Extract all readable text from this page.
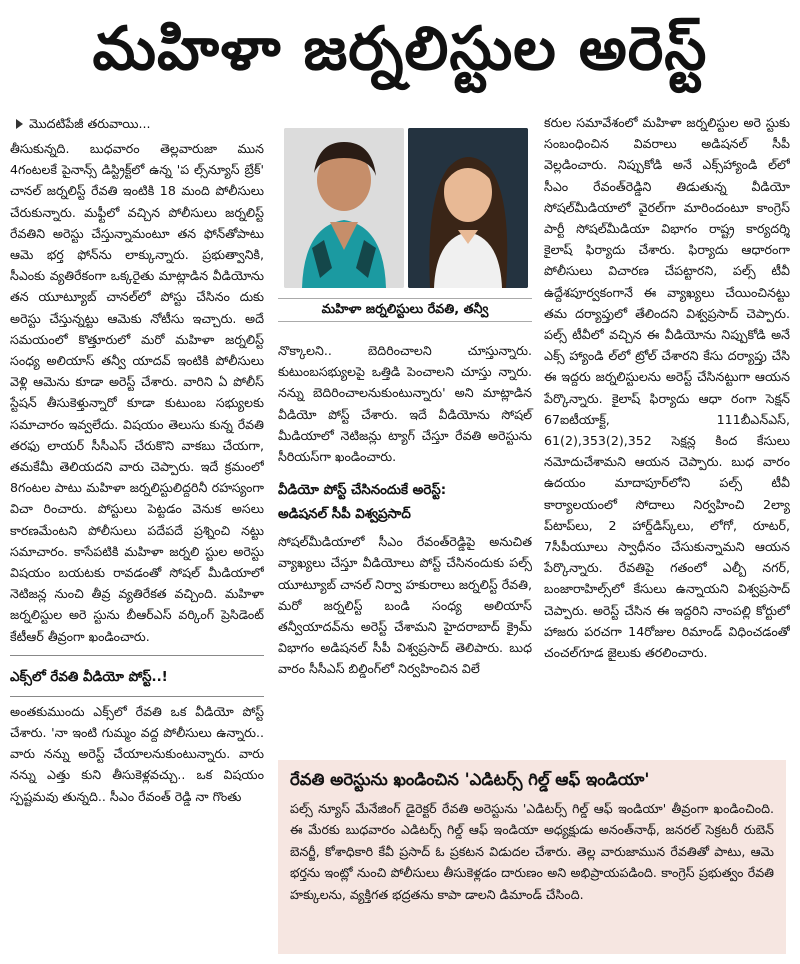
మహిళా జర్నలిస్టుల అరెస్ట్
మొదటిపేజీ తరువాయి...

తీసుకున్నది. బుధవారం తెల్లవారుజా మున 4గంటలకే పైనాన్స్ డిస్ట్రిక్ట్‌లో ఉన్న 'ప ల్స్‌న్యూస్ బ్రేక్' చానల్ జర్నలిస్ట్ రేవతి ఇంటికి 18 మంది పోలీసులు చేరుకున్నారు. మఫ్టీలో వచ్చిన పోలీసులు జర్నలిస్ట్ రేవతిని అరెస్టు చేస్తున్నామంటూ తన ఫోన్‌తోపాటు ఆమె భర్త ఫోన్‌ను లాక్కున్నారు. ప్రభుత్వానికి, సీఎంకు వ్యతిరేకంగా ఒక్కరైతు మాట్లాడిన వీడియోను తన యూట్యూబ్ చానల్‌లో పోస్టు చేసినం దుకు అరెస్టు చేస్తున్నట్టు ఆమెకు నోటీసు ఇచ్చారు. అదే సమయంలో కొత్తూరులో మరో మహిళా జర్నలిస్ట్ సంధ్య అలియాస్ తన్వీ యాదవ్ ఇంటికి పోలీసులు వెళ్లి ఆమెను కూడా అరెస్ట్ చేశారు. వారిని ఏ పోలీస్ స్టేషన్ తీసుకెళ్తున్నారో కూడా కుటుంబ సభ్యులకు సమాచారం ఇవ్వలేదు. విషయం తెలుసు కున్న రేవతి తరఫు లాయర్ సీసీఎస్ చేరుకొని వాకబు చేయగా, తమకేమీ తెలియదని వారు చెప్పారు. ఇదే క్రమంలో 8గంటల పాటు మహిళా జర్నలిస్టులిద్దరినీ రహస్యంగా విచా రించారు. పోస్టులు పెట్టడం వెనుక అసలు కారణమేంటని పోలీసులు పదేపదే ప్రశ్నించి నట్టు సమాచారం. కాసేపటికి మహిళా జర్నలి స్టుల అరెస్టు విషయం బయటకు రావడంతో సోషల్ మీడియాలో నెటిజన్ల నుంచి తీవ్ర వ్యతిరేకత వచ్చింది. మహిళా జర్నలిస్టుల అరె స్టును బీఆర్ఎస్ వర్కింగ్ ప్రెసిడెంట్ కేటీఆర్ తీవ్రంగా ఖండించారు.

ఎక్స్‌లో రేవతి వీడియో పోస్ట్..!

అంతకుముందు ఎక్స్‌లో రేవతి ఒక వీడియో పోస్ట్ చేశారు. 'నా ఇంటి గుమ్మం వద్ద పోలీసులు ఉన్నారు.. వారు నన్ను అరెస్ట్ చేయాలనుకుంటున్నారు. వారు నన్ను ఎత్తు కుని తీసుకెళ్లవచ్చు.. ఒక విషయం స్పష్టమవు తున్నది.. సీఎం రేవంత్ రెడ్డి నా గొంతు

మహిళా జర్నలిస్టులు రేవతి, తన్వీ

నొక్కాలని.. బెదిరించాలని చూస్తున్నారు. కుటుంబసభ్యులపై ఒత్తిడి పెంచాలని చూస్తు న్నారు. నన్ను బెదిరించాలనుకుంటున్నారు' అని మాట్లాడిన వీడియో పోస్ట్ చేశారు. ఇదే వీడియోను సోషల్ మీడియాలో నెటిజన్లు ట్యాగ్ చేస్తూ రేవతి అరెస్టును సీరియస్‌గా ఖండించారు.

వీడియో పోస్ట్ చేసినందుకే అరెస్ట్:
అడిషనల్ సీపీ విశ్వప్రసాద్

సోషల్‌మీడియాలో సీఎం రేవంత్‌రెడ్డిపై అనుచిత వ్యాఖ్యలు చేస్తూ వీడియోలు పోస్ట్ చేసినందుకు పల్స్ యూట్యూబ్ చానల్ నిర్వా హకురాలు జర్నలిస్ట్ రేవతి, మరో జర్నలిస్ట్ బండి సంధ్య అలియాస్ తన్వీయాదవ్‌ను అరెస్ట్ చేశామని హైదరాబాద్ క్రైమ్ విభాగం అడిషనల్ సీపీ విశ్వప్రసాద్ తెలిపారు. బుధ వారం సీసీఎస్ బిల్డింగ్‌లో నిర్వహించిన విలే

కరుల సమావేశంలో మహిళా జర్నలిస్టుల అరె స్టుకు సంబంధించిన వివరాలు అడిషనల్ సీపీ వెల్లడించారు. నిప్పుకోడి అనే ఎక్స్‌హ్యాండి ల్‌లో సీఎం రేవంత్‌రెడ్డిని తిడుతున్న వీడియో సోషల్‌మీడియాలో వైరల్‌గా మారిందంటూ కాంగ్రెస్ పార్టీ సోషల్‌మీడియా విభాగం రాష్ట్ర కార్యదర్శి కైలాష్ ఫిర్యాదు చేశారు. ఫిర్యాదు ఆధారంగా పోలీసులు విచారణ చేపట్టారని, పల్స్ టీవీ ఉద్దేశపూర్వకంగానే ఈ వ్యాఖ్యలు చేయించినట్టు తమ దర్యాప్తులో తేలిందని విశ్వప్రసాద్ చెప్పారు. పల్స్ టీవీలో వచ్చిన ఈ వీడియోను నిప్పుకోడి అనే ఎక్స్ హ్యాండి ల్‌లో ట్రోల్ చేశారని కేసు దర్యాప్తు చేసి ఈ ఇద్దరు జర్నలిస్టులను అరెస్ట్ చేసినట్టుగా ఆయన పేర్కొన్నారు. కైలాష్ ఫిర్యాదు ఆధా రంగా సెక్షన్ 67ఐటీయాక్ట్, 111బీఎన్ఎస్, 61(2),353(2),352 సెక్షన్ల కింద కేసులు నమోదుచేశామని ఆయన చెప్పారు. బుధ వారం ఉదయం మాదాపూర్‌లోని పల్స్ టీవీ కార్యాలయంలో సోదాలు నిర్వహించి 2ల్యా ప్‌టాప్‌లు, 2 హార్డ్‌డిస్క్‌లు, లోగో, రూటర్, 7సీపీయూలు స్వాధీనం చేసుకున్నామని ఆయన పేర్కొన్నారు. రేవతిపై గతంలో ఎల్బీ నగర్, బంజారాహిల్స్‌లో కేసులు ఉన్నాయని విశ్వప్రసాద్ చెప్పారు. అరెస్ట్ చేసిన ఈ ఇద్దరిని నాంపల్లి కోర్టులో హాజరు పరచగా 14రోజుల రిమాండ్ విధించడంతో చంచల్‌గూడ జైలుకు తరలించారు.

రేవతి అరెస్టును ఖండించిన 'ఎడిటర్స్ గిల్డ్ ఆఫ్ ఇండియా'
పల్స్ న్యూస్ మేనేజింగ్ డైరెక్టర్ రేవతి అరెస్టును 'ఎడిటర్స్ గిల్డ్ ఆఫ్ ఇండియా' తీవ్రంగా ఖండించింది. ఈ మేరకు బుధవారం ఎడిటర్స్ గిల్డ్ ఆఫ్ ఇండియా అధ్యక్షుడు అనంత్‌నాథ్, జనరల్ సెక్రటరీ రుబెన్ బెనర్జీ, కోశాధికారి కేవీ ప్రసాద్ ఓ ప్రకటన విడుదల చేశారు. తెల్ల వారుజామున రేవతితో పాటు, ఆమె భర్తను ఇంట్లో నుంచి పోలీసులు తీసుకెళ్లడం దారుణం అని అభిప్రాయపడింది. కాంగ్రెస్ ప్రభుత్వం రేవతి హక్కులను, వ్యక్తిగత భద్రతను కాపా డాలని డిమాండ్ చేసింది.
